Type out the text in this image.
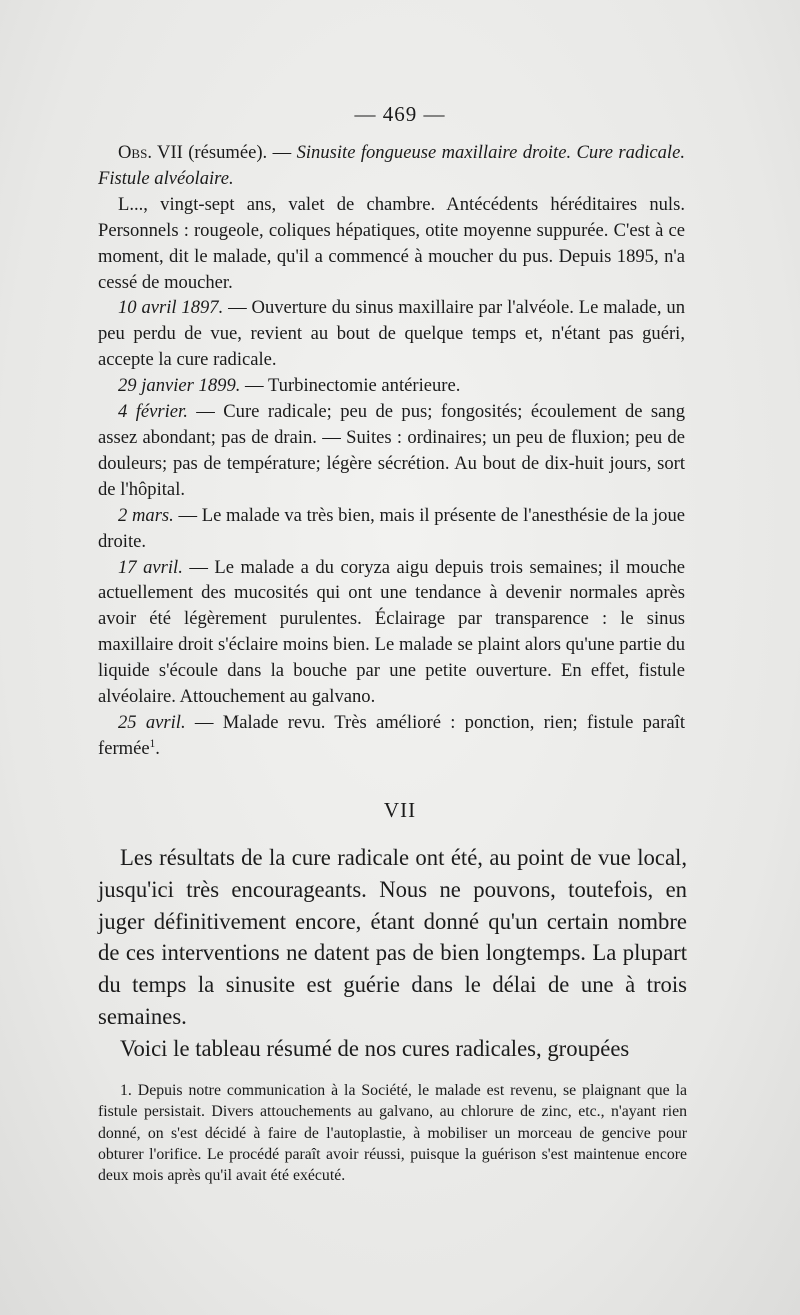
— 469 —

Obs. VII (résumée). — Sinusite fongueuse maxillaire droite. Cure radicale. Fistule alvéolaire.

L..., vingt-sept ans, valet de chambre. Antécédents héréditaires nuls. Personnels : rougeole, coliques hépatiques, otite moyenne suppurée. C'est à ce moment, dit le malade, qu'il a commencé à moucher du pus. Depuis 1895, n'a cessé de moucher.

10 avril 1897. — Ouverture du sinus maxillaire par l'alvéole. Le malade, un peu perdu de vue, revient au bout de quelque temps et, n'étant pas guéri, accepte la cure radicale.

29 janvier 1899. — Turbinectomie antérieure.

4 février. — Cure radicale; peu de pus; fongosités; écoulement de sang assez abondant; pas de drain. — Suites : ordinaires; un peu de fluxion; peu de douleurs; pas de température; légère sécrétion. Au bout de dix-huit jours, sort de l'hôpital.

2 mars. — Le malade va très bien, mais il présente de l'anesthésie de la joue droite.

17 avril. — Le malade a du coryza aigu depuis trois semaines; il mouche actuellement des mucosités qui ont une tendance à devenir normales après avoir été légèrement purulentes. Éclairage par transparence : le sinus maxillaire droit s'éclaire moins bien. Le malade se plaint alors qu'une partie du liquide s'écoule dans la bouche par une petite ouverture. En effet, fistule alvéolaire. Attouchement au galvano.

25 avril. — Malade revu. Très amélioré : ponction, rien; fistule paraît fermée$^1$.

VII

Les résultats de la cure radicale ont été, au point de vue local, jusqu'ici très encourageants. Nous ne pouvons, toutefois, en juger définitivement encore, étant donné qu'un certain nombre de ces interventions ne datent pas de bien longtemps. La plupart du temps la sinusite est guérie dans le délai de une à trois semaines.

Voici le tableau résumé de nos cures radicales, groupées

1. Depuis notre communication à la Société, le malade est revenu, se plaignant que la fistule persistait. Divers attouchements au galvano, au chlorure de zinc, etc., n'ayant rien donné, on s'est décidé à faire de l'autoplastie, à mobiliser un morceau de gencive pour obturer l'orifice. Le procédé paraît avoir réussi, puisque la guérison s'est maintenue encore deux mois après qu'il avait été exécuté.
